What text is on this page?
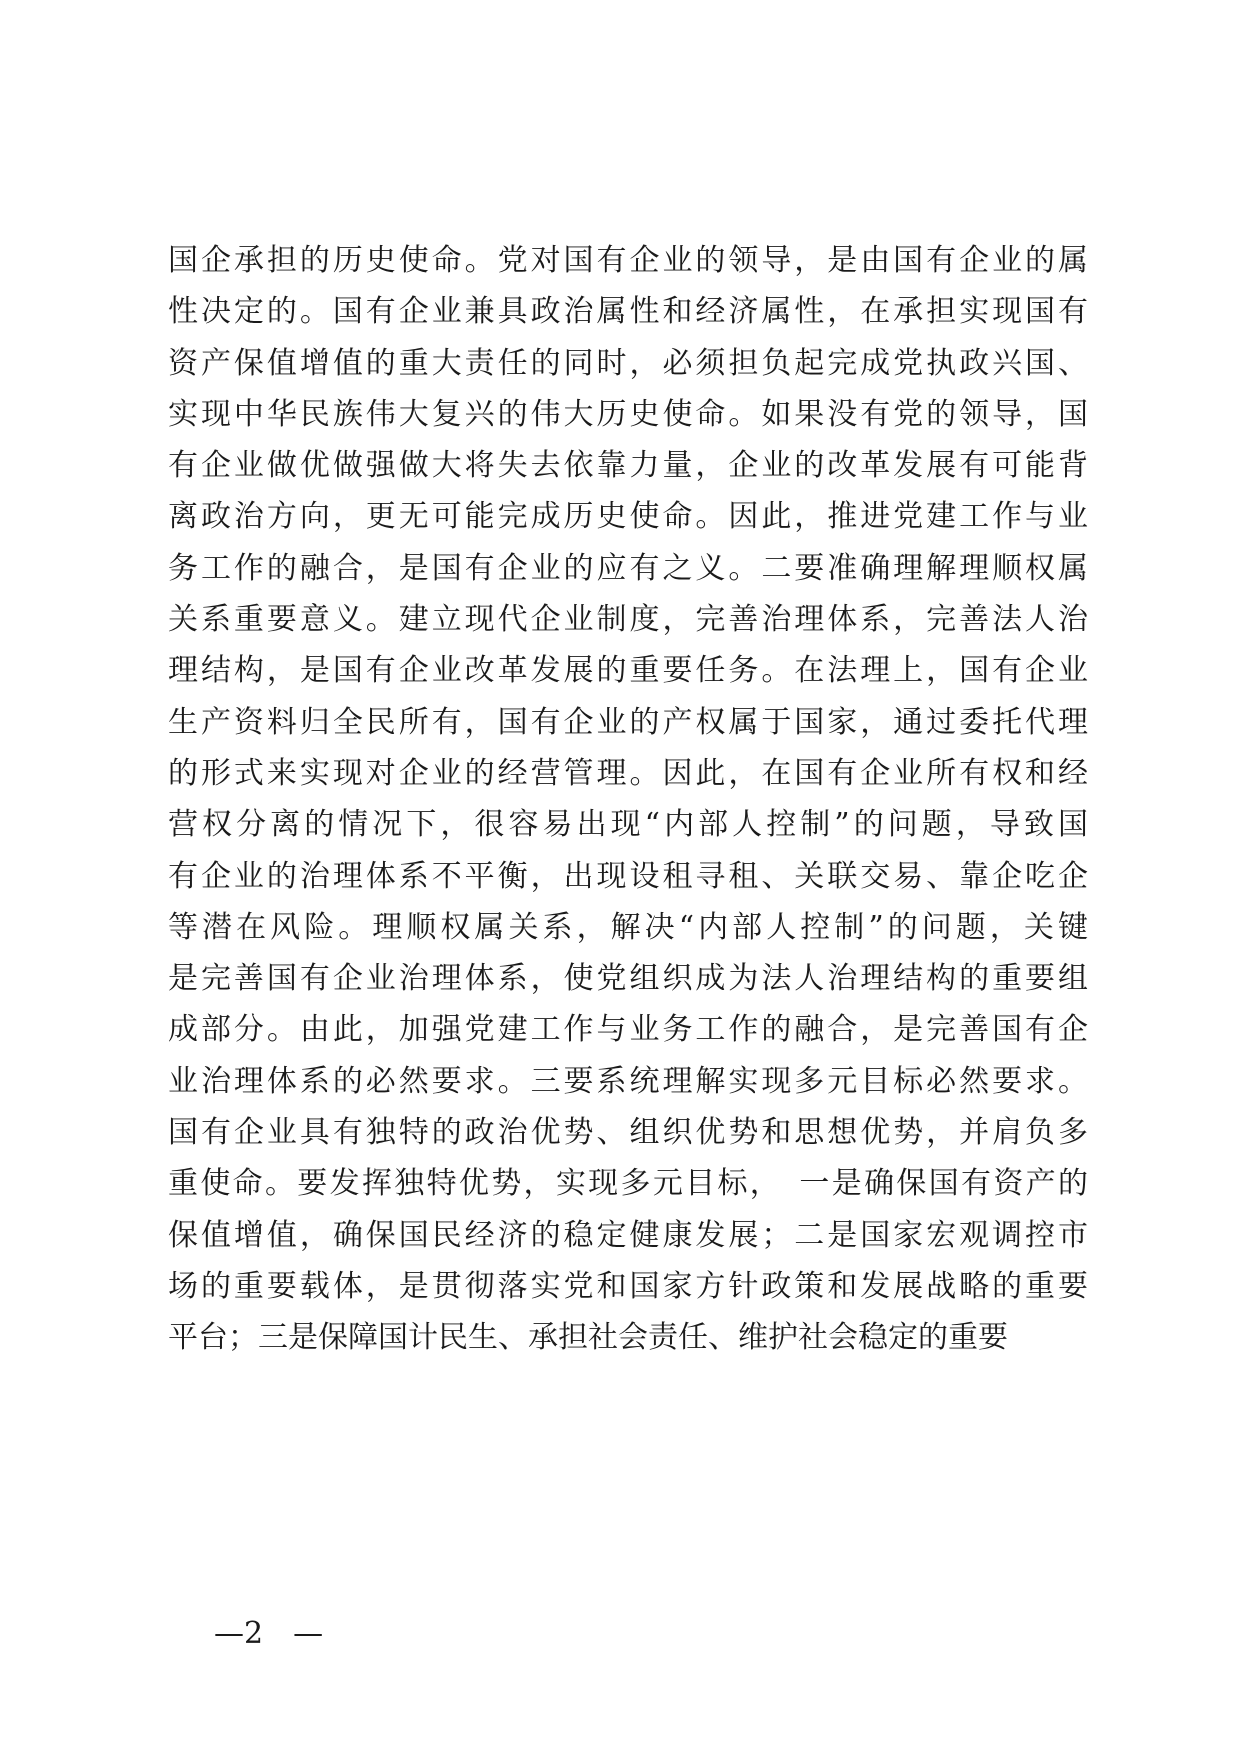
国企承担的历史使命。党对国有企业的领导，是由国有企业的属
性决定的。国有企业兼具政治属性和经济属性，在承担实现国有
资产保值增值的重大责任的同时，必须担负起完成党执政兴国、
实现中华民族伟大复兴的伟大历史使命。如果没有党的领导，国
有企业做优做强做大将失去依靠力量，企业的改革发展有可能背
离政治方向，更无可能完成历史使命。因此，推进党建工作与业
务工作的融合，是国有企业的应有之义。二要准确理解理顺权属
关系重要意义。建立现代企业制度，完善治理体系，完善法人治
理结构，是国有企业改革发展的重要任务。在法理上，国有企业
生产资料归全民所有，国有企业的产权属于国家，通过委托代理
的形式来实现对企业的经营管理。因此，在国有企业所有权和经
营权分离的情况下，很容易出现“内部人控制”的问题，导致国
有企业的治理体系不平衡，出现设租寻租、关联交易、靠企吃企
等潜在风险。理顺权属关系，解决“内部人控制”的问题，关键
是完善国有企业治理体系，使党组织成为法人治理结构的重要组
成部分。由此，加强党建工作与业务工作的融合，是完善国有企
业治理体系的必然要求。三要系统理解实现多元目标必然要求。
国有企业具有独特的政治优势、组织优势和思想优势，并肩负多
重使命。要发挥独特优势，实现多元目标，　一是确保国有资产的
保值增值，确保国民经济的稳定健康发展；二是国家宏观调控市
场的重要载体，是贯彻落实党和国家方针政策和发展战略的重要
平台；三是保障国计民生、承担社会责任、维护社会稳定的重要
—2　—
